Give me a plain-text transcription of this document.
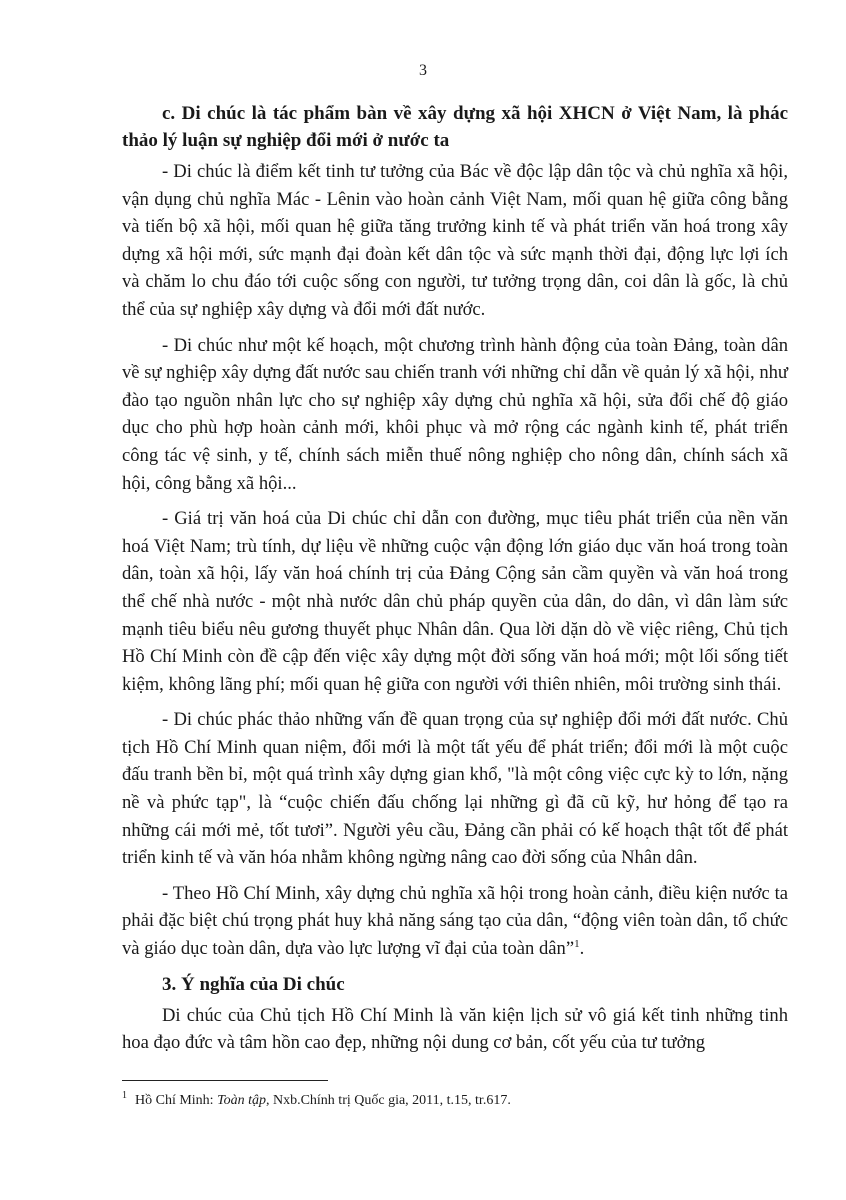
3

c. Di chúc là tác phẩm bàn về xây dựng xã hội XHCN ở Việt Nam, là phác thảo lý luận sự nghiệp đổi mới ở nước ta

- Di chúc là điểm kết tinh tư tưởng của Bác về độc lập dân tộc và chủ nghĩa xã hội, vận dụng chủ nghĩa Mác - Lênin vào hoàn cảnh Việt Nam, mối quan hệ giữa công bằng và tiến bộ xã hội, mối quan hệ giữa tăng trưởng kinh tế và phát triển văn hoá trong xây dựng xã hội mới, sức mạnh đại đoàn kết dân tộc và sức mạnh thời đại, động lực lợi ích và chăm lo chu đáo tới cuộc sống con người, tư tưởng trọng dân, coi dân là gốc, là chủ thể của sự nghiệp xây dựng và đổi mới đất nước.

- Di chúc như một kế hoạch, một chương trình hành động của toàn Đảng, toàn dân về sự nghiệp xây dựng đất nước sau chiến tranh với những chỉ dẫn về quản lý xã hội, như đào tạo nguồn nhân lực cho sự nghiệp xây dựng chủ nghĩa xã hội, sửa đổi chế độ giáo dục cho phù hợp hoàn cảnh mới, khôi phục và mở rộng các ngành kinh tế, phát triển công tác vệ sinh, y tế, chính sách miễn thuế nông nghiệp cho nông dân, chính sách xã hội, công bằng xã hội...

- Giá trị văn hoá của Di chúc chỉ dẫn con đường, mục tiêu phát triển của nền văn hoá Việt Nam; trù tính, dự liệu về những cuộc vận động lớn giáo dục văn hoá trong toàn dân, toàn xã hội, lấy văn hoá chính trị của Đảng Cộng sản cầm quyền và văn hoá trong thể chế nhà nước - một nhà nước dân chủ pháp quyền của dân, do dân, vì dân làm sức mạnh tiêu biểu nêu gương thuyết phục Nhân dân. Qua lời dặn dò về việc riêng, Chủ tịch Hồ Chí Minh còn đề cập đến việc xây dựng một đời sống văn hoá mới; một lối sống tiết kiệm, không lãng phí; mối quan hệ giữa con người với thiên nhiên, môi trường sinh thái.

- Di chúc phác thảo những vấn đề quan trọng của sự nghiệp đổi mới đất nước. Chủ tịch Hồ Chí Minh quan niệm, đổi mới là một tất yếu để phát triển; đổi mới là một cuộc đấu tranh bền bỉ, một quá trình xây dựng gian khổ, "là một công việc cực kỳ to lớn, nặng nề và phức tạp", là “cuộc chiến đấu chống lại những gì đã cũ kỹ, hư hỏng để tạo ra những cái mới mẻ, tốt tươi”. Người yêu cầu, Đảng cần phải có kế hoạch thật tốt để phát triển kinh tế và văn hóa nhằm không ngừng nâng cao đời sống của Nhân dân.

- Theo Hồ Chí Minh, xây dựng chủ nghĩa xã hội trong hoàn cảnh, điều kiện nước ta phải đặc biệt chú trọng phát huy khả năng sáng tạo của dân, “động viên toàn dân, tổ chức và giáo dục toàn dân, dựa vào lực lượng vĩ đại của toàn dân”$^1$.

3. Ý nghĩa của Di chúc

Di chúc của Chủ tịch Hồ Chí Minh là văn kiện lịch sử vô giá kết tinh những tinh hoa đạo đức và tâm hồn cao đẹp, những nội dung cơ bản, cốt yếu của tư tưởng

$^1$ Hồ Chí Minh: Toàn tập, Nxb.Chính trị Quốc gia, 2011, t.15, tr.617.
